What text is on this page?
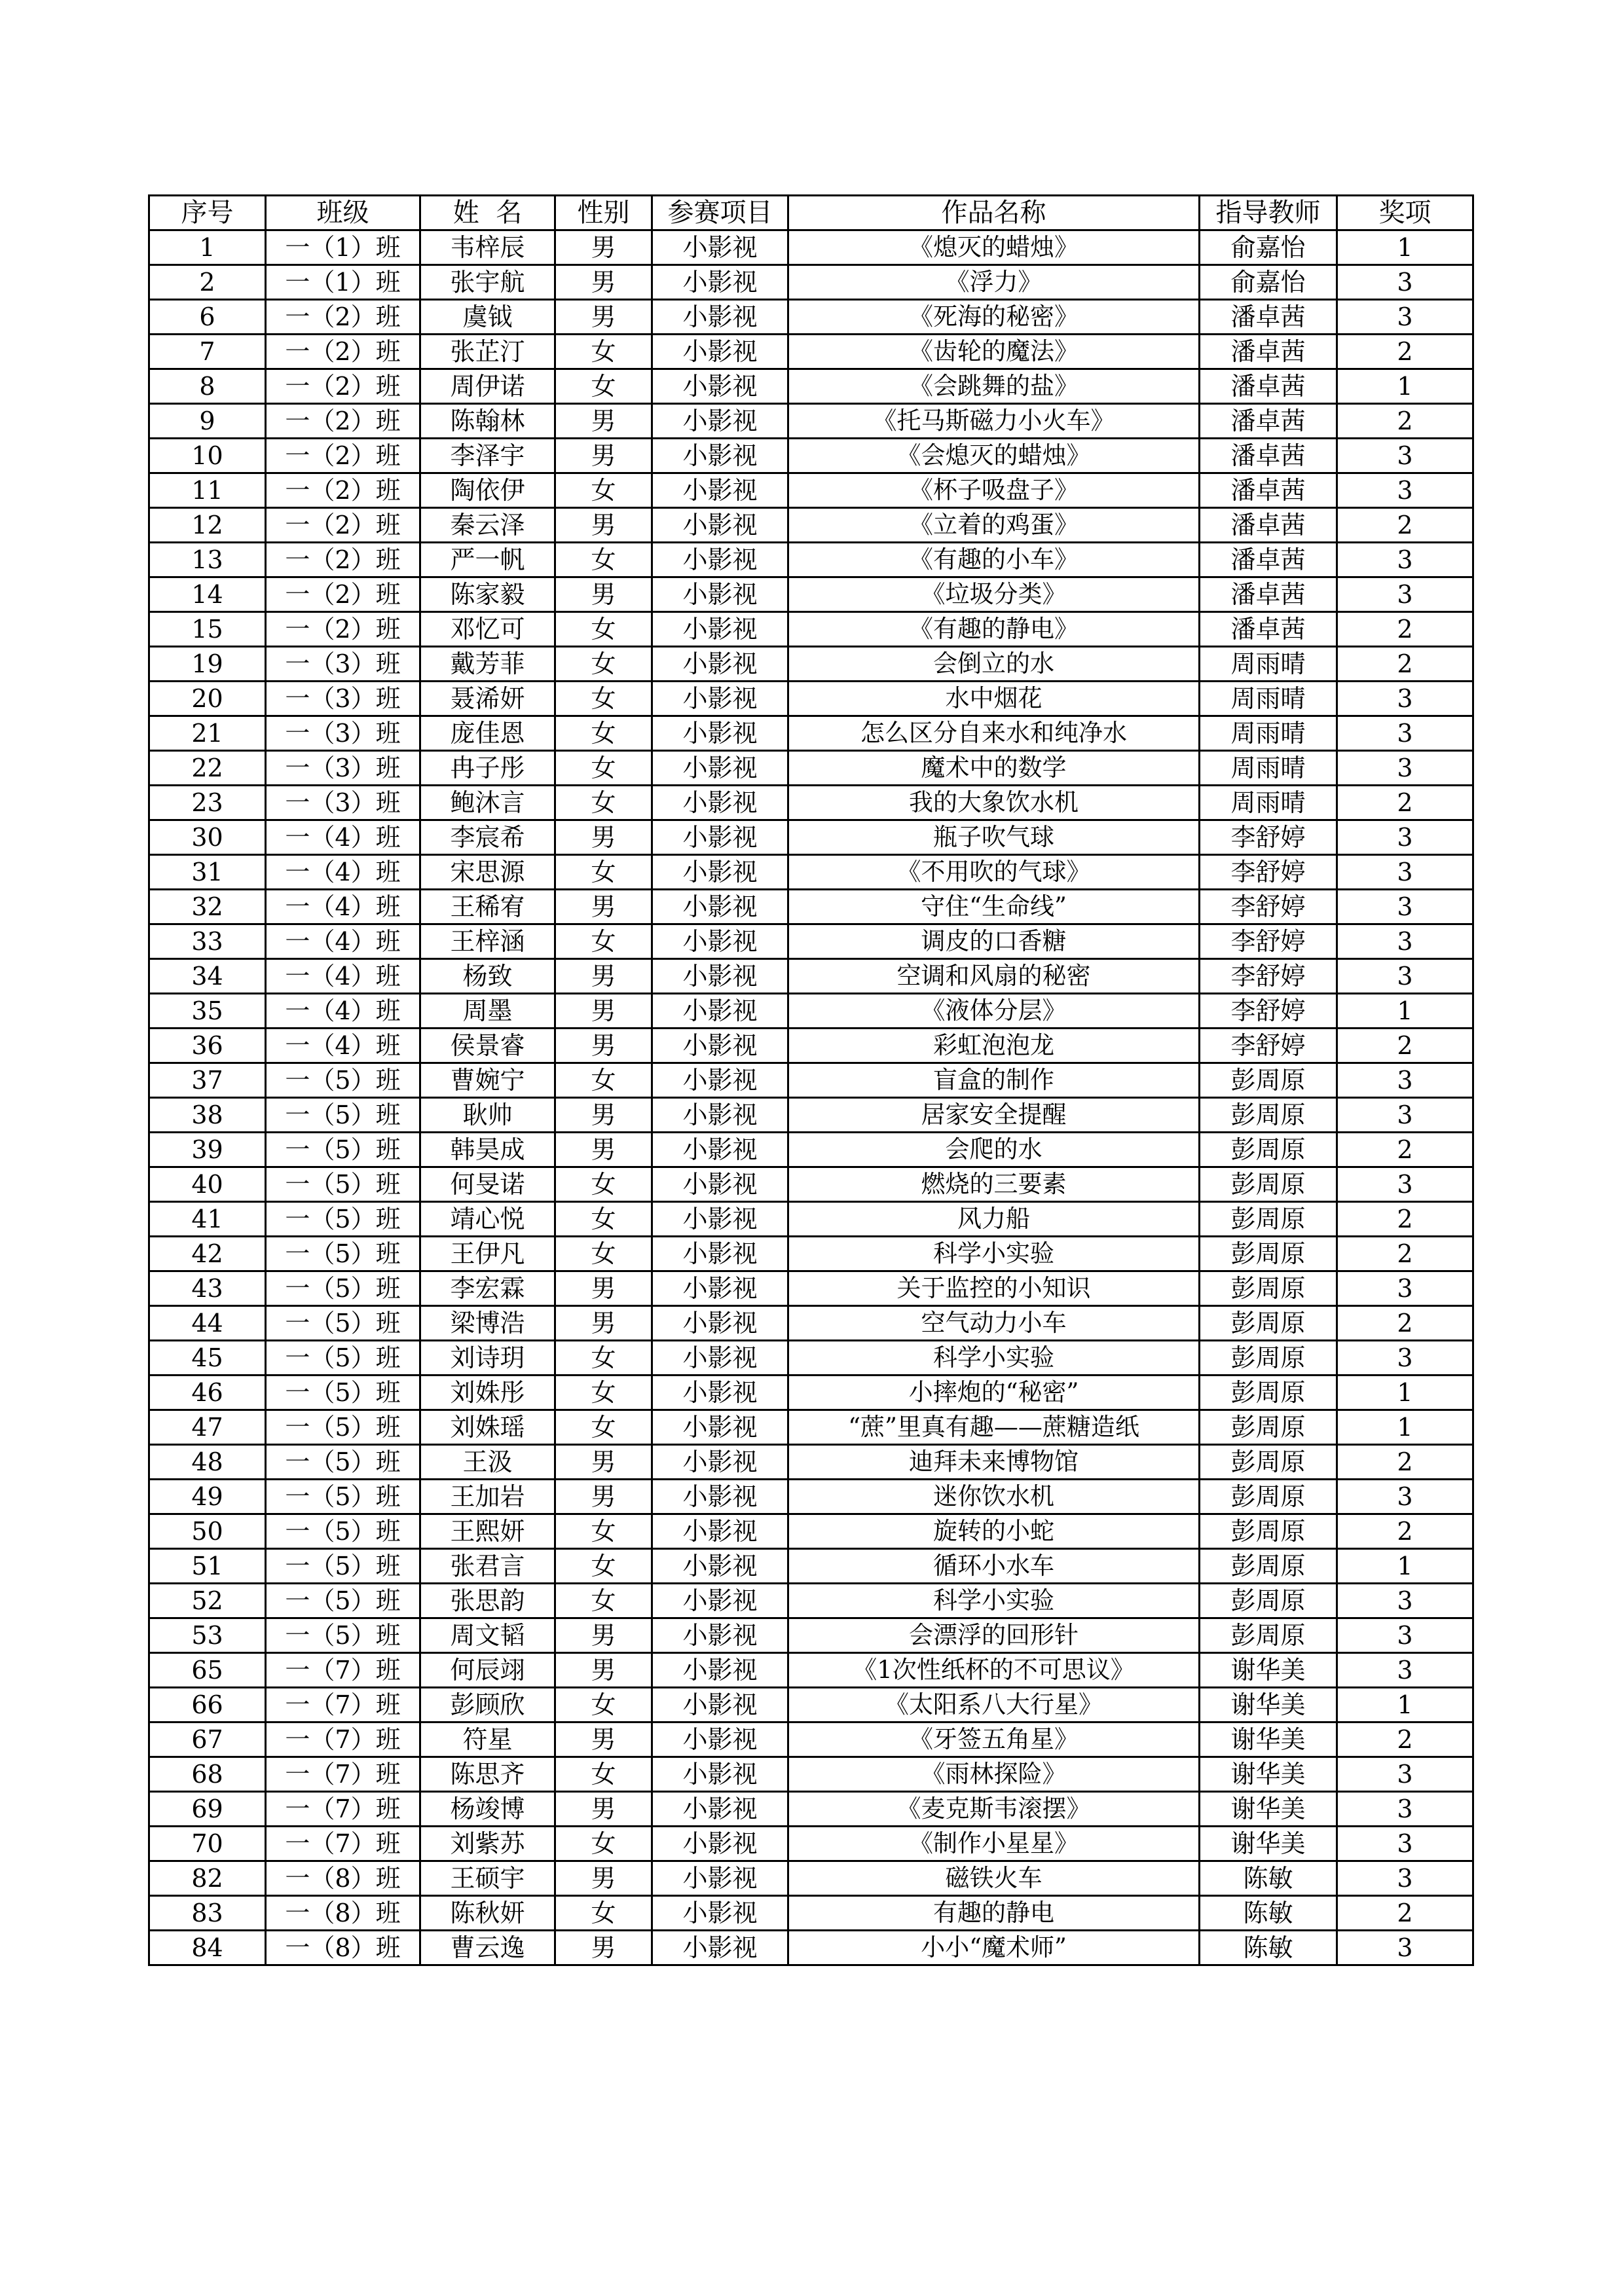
序号	班级	姓  名	性别	参赛项目	作品名称	指导教师	奖项
1	一（1）班	韦梓辰	男	小影视	《熄灭的蜡烛》	俞嘉怡	1
2	一（1）班	张宇航	男	小影视	《浮力》	俞嘉怡	3
6	一（2）班	虞钺	男	小影视	《死海的秘密》	潘卓茜	3
7	一（2）班	张芷汀	女	小影视	《齿轮的魔法》	潘卓茜	2
8	一（2）班	周伊诺	女	小影视	《会跳舞的盐》	潘卓茜	1
9	一（2）班	陈翰林	男	小影视	《托马斯磁力小火车》	潘卓茜	2
10	一（2）班	李泽宇	男	小影视	《会熄灭的蜡烛》	潘卓茜	3
11	一（2）班	陶依伊	女	小影视	《杯子吸盘子》	潘卓茜	3
12	一（2）班	秦云泽	男	小影视	《立着的鸡蛋》	潘卓茜	2
13	一（2）班	严一帆	女	小影视	《有趣的小车》	潘卓茜	3
14	一（2）班	陈家毅	男	小影视	《垃圾分类》	潘卓茜	3
15	一（2）班	邓忆可	女	小影视	《有趣的静电》	潘卓茜	2
19	一（3）班	戴芳菲	女	小影视	会倒立的水	周雨晴	2
20	一（3）班	聂浠妍	女	小影视	水中烟花	周雨晴	3
21	一（3）班	庞佳恩	女	小影视	怎么区分自来水和纯净水	周雨晴	3
22	一（3）班	冉子彤	女	小影视	魔术中的数学	周雨晴	3
23	一（3）班	鲍沐言	女	小影视	我的大象饮水机	周雨晴	2
30	一（4）班	李宸希	男	小影视	瓶子吹气球	李舒婷	3
31	一（4）班	宋思源	女	小影视	《不用吹的气球》	李舒婷	3
32	一（4）班	王稀宥	男	小影视	守住“生命线”	李舒婷	3
33	一（4）班	王梓涵	女	小影视	调皮的口香糖	李舒婷	3
34	一（4）班	杨致	男	小影视	空调和风扇的秘密	李舒婷	3
35	一（4）班	周墨	男	小影视	《液体分层》	李舒婷	1
36	一（4）班	侯景睿	男	小影视	彩虹泡泡龙	李舒婷	2
37	一（5）班	曹婉宁	女	小影视	盲盒的制作	彭周原	3
38	一（5）班	耿帅	男	小影视	居家安全提醒	彭周原	3
39	一（5）班	韩昊成	男	小影视	会爬的水	彭周原	2
40	一（5）班	何旻诺	女	小影视	燃烧的三要素	彭周原	3
41	一（5）班	靖心悦	女	小影视	风力船	彭周原	2
42	一（5）班	王伊凡	女	小影视	科学小实验	彭周原	2
43	一（5）班	李宏霖	男	小影视	关于监控的小知识	彭周原	3
44	一（5）班	梁博浩	男	小影视	空气动力小车	彭周原	2
45	一（5）班	刘诗玥	女	小影视	科学小实验	彭周原	3
46	一（5）班	刘姝彤	女	小影视	小摔炮的“秘密”	彭周原	1
47	一（5）班	刘姝瑶	女	小影视	“蔗”里真有趣——蔗糖造纸	彭周原	1
48	一（5）班	王汲	男	小影视	迪拜未来博物馆	彭周原	2
49	一（5）班	王加岩	男	小影视	迷你饮水机	彭周原	3
50	一（5）班	王熙妍	女	小影视	旋转的小蛇	彭周原	2
51	一（5）班	张君言	女	小影视	循环小水车	彭周原	1
52	一（5）班	张思韵	女	小影视	科学小实验	彭周原	3
53	一（5）班	周文韬	男	小影视	会漂浮的回形针	彭周原	3
65	一（7）班	何辰翊	男	小影视	《1次性纸杯的不可思议》	谢华美	3
66	一（7）班	彭顾欣	女	小影视	《太阳系八大行星》	谢华美	1
67	一（7）班	符星	男	小影视	《牙签五角星》	谢华美	2
68	一（7）班	陈思齐	女	小影视	《雨林探险》	谢华美	3
69	一（7）班	杨竣博	男	小影视	《麦克斯韦滚摆》	谢华美	3
70	一（7）班	刘紫苏	女	小影视	《制作小星星》	谢华美	3
82	一（8）班	王硕宇	男	小影视	磁铁火车	陈敏	3
83	一（8）班	陈秋妍	女	小影视	有趣的静电	陈敏	2
84	一（8）班	曹云逸	男	小影视	小小“魔术师”	陈敏	3
